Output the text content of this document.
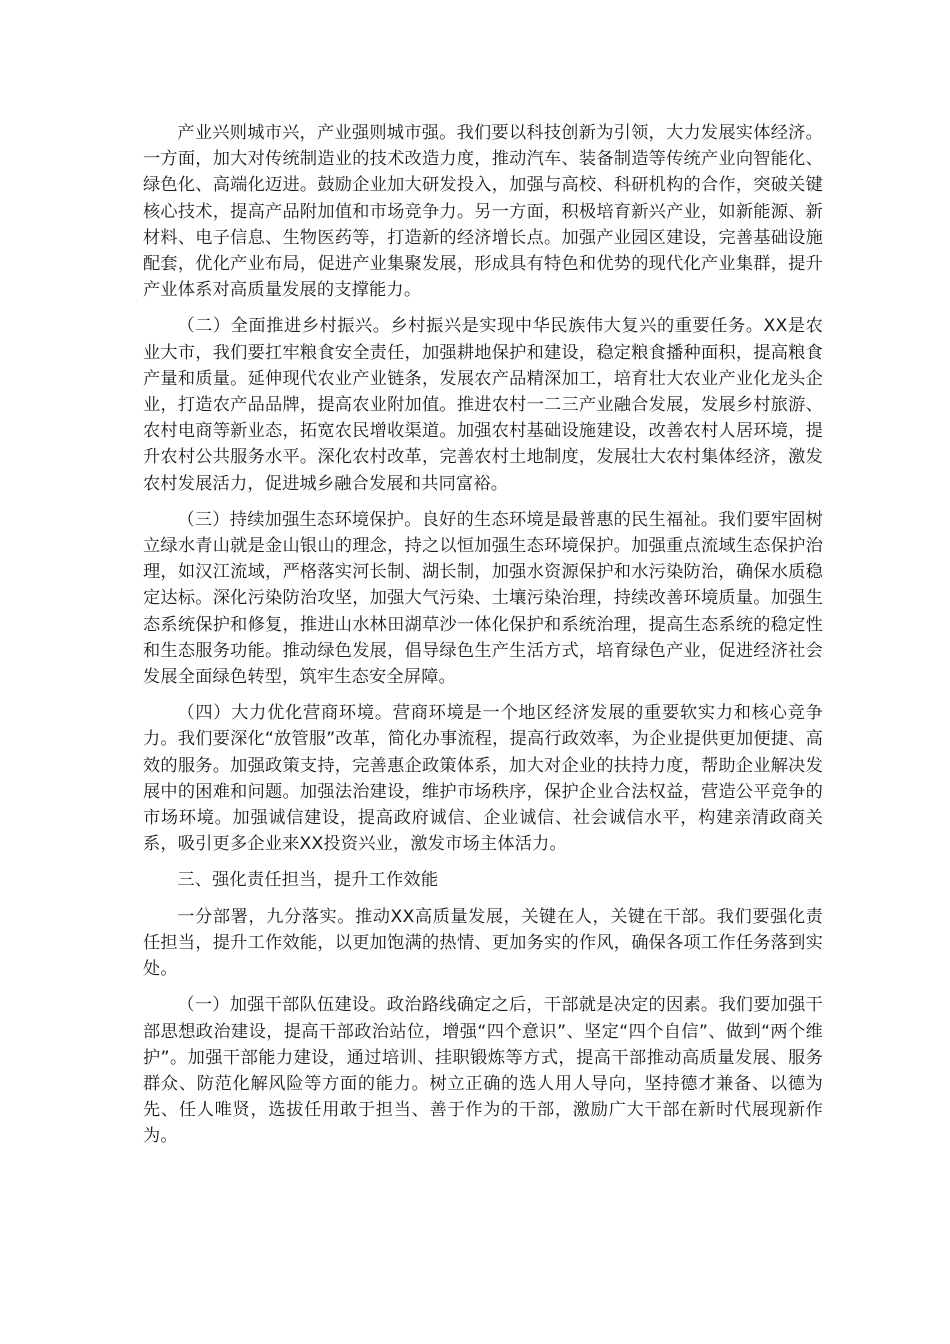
产业兴则城市兴，产业强则城市强。我们要以科技创新为引领，大力发展实体经济。一方面，加大对传统制造业的技术改造力度，推动汽车、装备制造等传统产业向智能化、绿色化、高端化迈进。鼓励企业加大研发投入，加强与高校、科研机构的合作，突破关键核心技术，提高产品附加值和市场竞争力。另一方面，积极培育新兴产业，如新能源、新材料、电子信息、生物医药等，打造新的经济增长点。加强产业园区建设，完善基础设施配套，优化产业布局，促进产业集聚发展，形成具有特色和优势的现代化产业集群，提升产业体系对高质量发展的支撑能力。

（二）全面推进乡村振兴。乡村振兴是实现中华民族伟大复兴的重要任务。XX是农业大市，我们要扛牢粮食安全责任，加强耕地保护和建设，稳定粮食播种面积，提高粮食产量和质量。延伸现代农业产业链条，发展农产品精深加工，培育壮大农业产业化龙头企业，打造农产品品牌，提高农业附加值。推进农村一二三产业融合发展，发展乡村旅游、农村电商等新业态，拓宽农民增收渠道。加强农村基础设施建设，改善农村人居环境，提升农村公共服务水平。深化农村改革，完善农村土地制度，发展壮大农村集体经济，激发农村发展活力，促进城乡融合发展和共同富裕。

（三）持续加强生态环境保护。良好的生态环境是最普惠的民生福祉。我们要牢固树立绿水青山就是金山银山的理念，持之以恒加强生态环境保护。加强重点流域生态保护治理，如汉江流域，严格落实河长制、湖长制，加强水资源保护和水污染防治，确保水质稳定达标。深化污染防治攻坚，加强大气污染、土壤污染治理，持续改善环境质量。加强生态系统保护和修复，推进山水林田湖草沙一体化保护和系统治理，提高生态系统的稳定性和生态服务功能。推动绿色发展，倡导绿色生产生活方式，培育绿色产业，促进经济社会发展全面绿色转型，筑牢生态安全屏障。

（四）大力优化营商环境。营商环境是一个地区经济发展的重要软实力和核心竞争力。我们要深化“放管服”改革，简化办事流程，提高行政效率，为企业提供更加便捷、高效的服务。加强政策支持，完善惠企政策体系，加大对企业的扶持力度，帮助企业解决发展中的困难和问题。加强法治建设，维护市场秩序，保护企业合法权益，营造公平竞争的市场环境。加强诚信建设，提高政府诚信、企业诚信、社会诚信水平，构建亲清政商关系，吸引更多企业来XX投资兴业，激发市场主体活力。

三、强化责任担当，提升工作效能

一分部署，九分落实。推动XX高质量发展，关键在人，关键在干部。我们要强化责任担当，提升工作效能，以更加饱满的热情、更加务实的作风，确保各项工作任务落到实处。

（一）加强干部队伍建设。政治路线确定之后，干部就是决定的因素。我们要加强干部思想政治建设，提高干部政治站位，增强“四个意识”、坚定“四个自信”、做到“两个维护”。加强干部能力建设，通过培训、挂职锻炼等方式，提高干部推动高质量发展、服务群众、防范化解风险等方面的能力。树立正确的选人用人导向，坚持德才兼备、以德为先、任人唯贤，选拔任用敢于担当、善于作为的干部，激励广大干部在新时代展现新作为。
